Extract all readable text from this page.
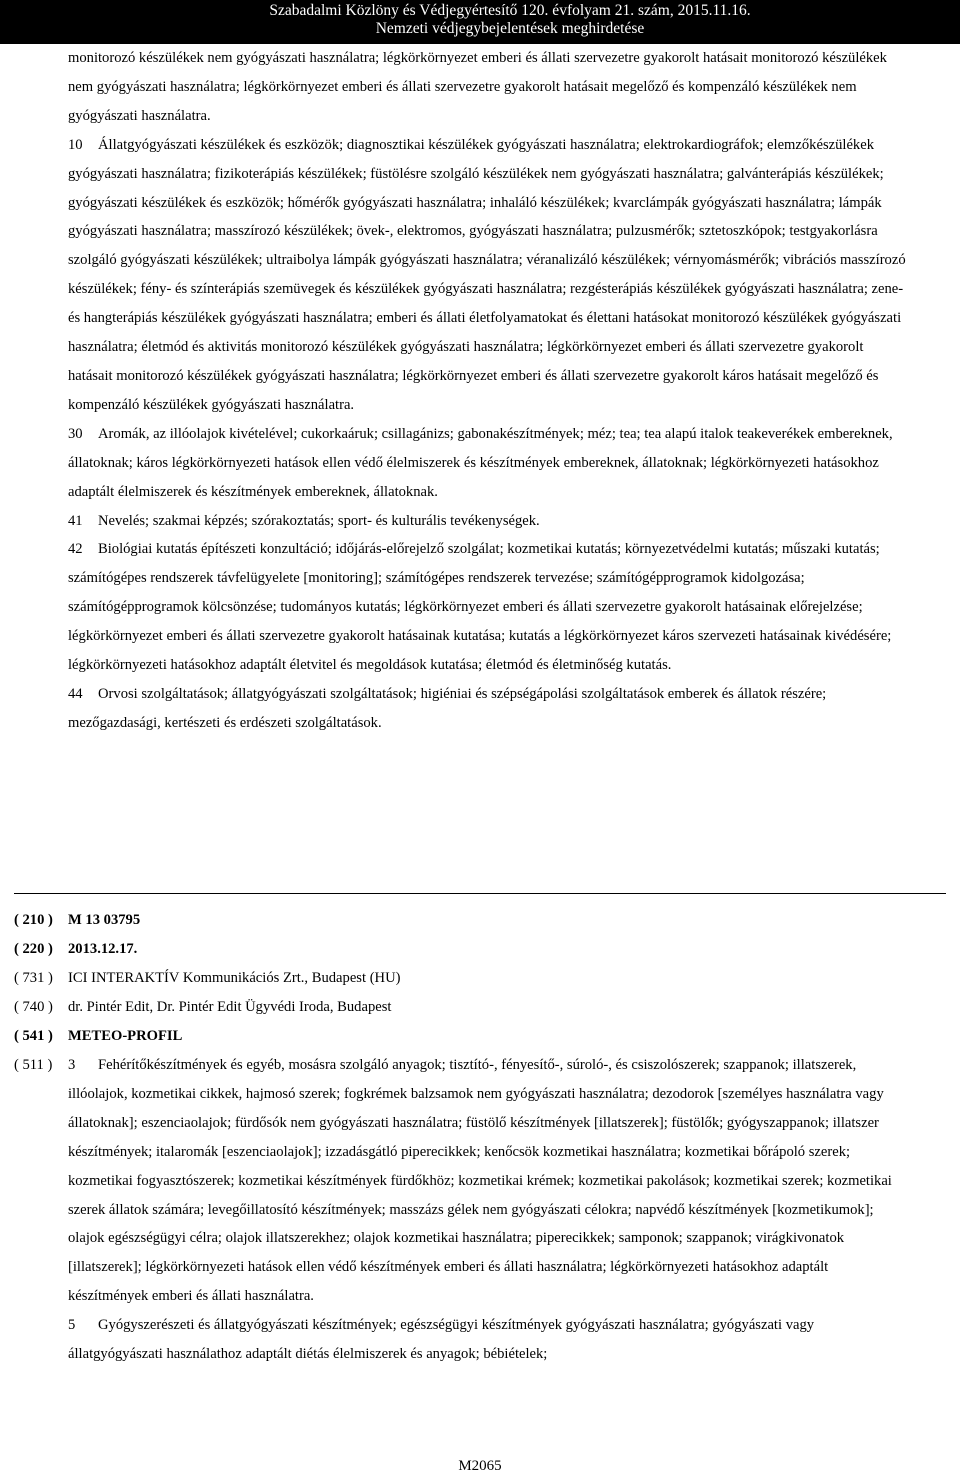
Szabadalmi Közlöny és Védjegyértesítő 120. évfolyam 21. szám, 2015.11.16.
Nemzeti védjegybejelentések meghirdetése

monitorozó készülékek nem gyógyászati használatra; légkörkörnyezet emberi és állati szervezetre gyakorolt hatásait monitorozó készülékek nem gyógyászati használatra; légkörkörnyezet emberi és állati szervezetre gyakorolt hatásait megelőző és kompenzáló készülékek nem gyógyászati használatra.

10 Állatgyógyászati készülékek és eszközök; diagnosztikai készülékek gyógyászati használatra; elektrokardiográfok; elemzőkészülékek gyógyászati használatra; fizikoterápiás készülékek; füstölésre szolgáló készülékek nem gyógyászati használatra; galvánterápiás készülékek; gyógyászati készülékek és eszközök; hőmérők gyógyászati használatra; inhaláló készülékek; kvarclámpák gyógyászati használatra; lámpák gyógyászati használatra; masszírozó készülékek; övek-, elektromos, gyógyászati használatra; pulzusmérők; sztetoszkópok; testgyakorlásra szolgáló gyógyászati készülékek; ultraibolya lámpák gyógyászati használatra; véranalizáló készülékek; vérnyomásmérők; vibrációs masszírozó készülékek; fény- és színterápiás szemüvegek és készülékek gyógyászati használatra; rezgésterápiás készülékek gyógyászati használatra; zene- és hangterápiás készülékek gyógyászati használatra; emberi és állati életfolyamatokat és élettani hatásokat monitorozó készülékek gyógyászati használatra; életmód és aktivitás monitorozó készülékek gyógyászati használatra; légkörkörnyezet emberi és állati szervezetre gyakorolt hatásait monitorozó készülékek gyógyászati használatra; légkörkörnyezet emberi és állati szervezetre gyakorolt káros hatásait megelőző és kompenzáló készülékek gyógyászati használatra.

30 Aromák, az illóolajok kivételével; cukorkaáruk; csillagánizs; gabonakészítmények; méz; tea; tea alapú italok teakeverékek embereknek, állatoknak; káros légkörkörnyezeti hatások ellen védő élelmiszerek és készítmények embereknek, állatoknak; légkörkörnyezeti hatásokhoz adaptált élelmiszerek és készítmények embereknek, állatoknak.

41 Nevelés; szakmai képzés; szórakoztatás; sport- és kulturális tevékenységek.

42 Biológiai kutatás építészeti konzultáció; időjárás-előrejelző szolgálat; kozmetikai kutatás; környezetvédelmi kutatás; műszaki kutatás; számítógépes rendszerek távfelügyelete [monitoring]; számítógépes rendszerek tervezése; számítógépprogramok kidolgozása; számítógépprogramok kölcsönzése; tudományos kutatás; légkörkörnyezet emberi és állati szervezetre gyakorolt hatásainak előrejelzése; légkörkörnyezet emberi és állati szervezetre gyakorolt hatásainak kutatása; kutatás a légkörkörnyezet káros szervezeti hatásainak kivédésére; légkörkörnyezeti hatásokhoz adaptált életvitel és megoldások kutatása; életmód és életminőség kutatás.

44 Orvosi szolgáltatások; állatgyógyászati szolgáltatások; higiéniai és szépségápolási szolgáltatások emberek és állatok részére; mezőgazdasági, kertészeti és erdészeti szolgáltatások.

( 210 ) M 13 03795

( 220 ) 2013.12.17.

( 731 ) ICI INTERAKTÍV Kommunikációs Zrt., Budapest (HU)

( 740 ) dr. Pintér Edit, Dr. Pintér Edit Ügyvédi Iroda, Budapest

( 541 ) METEO-PROFIL

( 511 )	3 Fehérítőkészítmények és egyéb, mosásra szolgáló anyagok; tisztító-, fényesítő-, súroló-, és csiszolószerek; szappanok; illatszerek, illóolajok, kozmetikai cikkek, hajmosó szerek; fogkrémek balzsamok nem gyógyászati használatra; dezodorok [személyes használatra vagy állatoknak]; eszenciaolajok; fürdősók nem gyógyászati használatra; füstölő készítmények [illatszerek]; füstölők; gyógyszappanok; illatszer készítmények; italaromák [eszenciaolajok]; izzadásgátló piperecikkek; kenőcsök kozmetikai használatra; kozmetikai bőrápoló szerek; kozmetikai fogyasztószerek; kozmetikai készítmények fürdőkhöz; kozmetikai krémek; kozmetikai pakolások; kozmetikai szerek; kozmetikai szerek állatok számára; levegőillatosító készítmények; masszázs gélek nem gyógyászati célokra; napvédő készítmények [kozmetikumok]; olajok egészségügyi célra; olajok illatszerekhez; olajok kozmetikai használatra; piperecikkek; samponok; szappanok; virágkivonatok [illatszerek]; légkörkörnyezeti hatások ellen védő készítmények emberi és állati használatra; légkörkörnyezeti hatásokhoz adaptált készítmények emberi és állati használatra.

5 Gyógyszerészeti és állatgyógyászati készítmények; egészségügyi készítmények gyógyászati használatra; gyógyászati vagy állatgyógyászati használathoz adaptált diétás élelmiszerek és anyagok; bébiételek;

M2065
